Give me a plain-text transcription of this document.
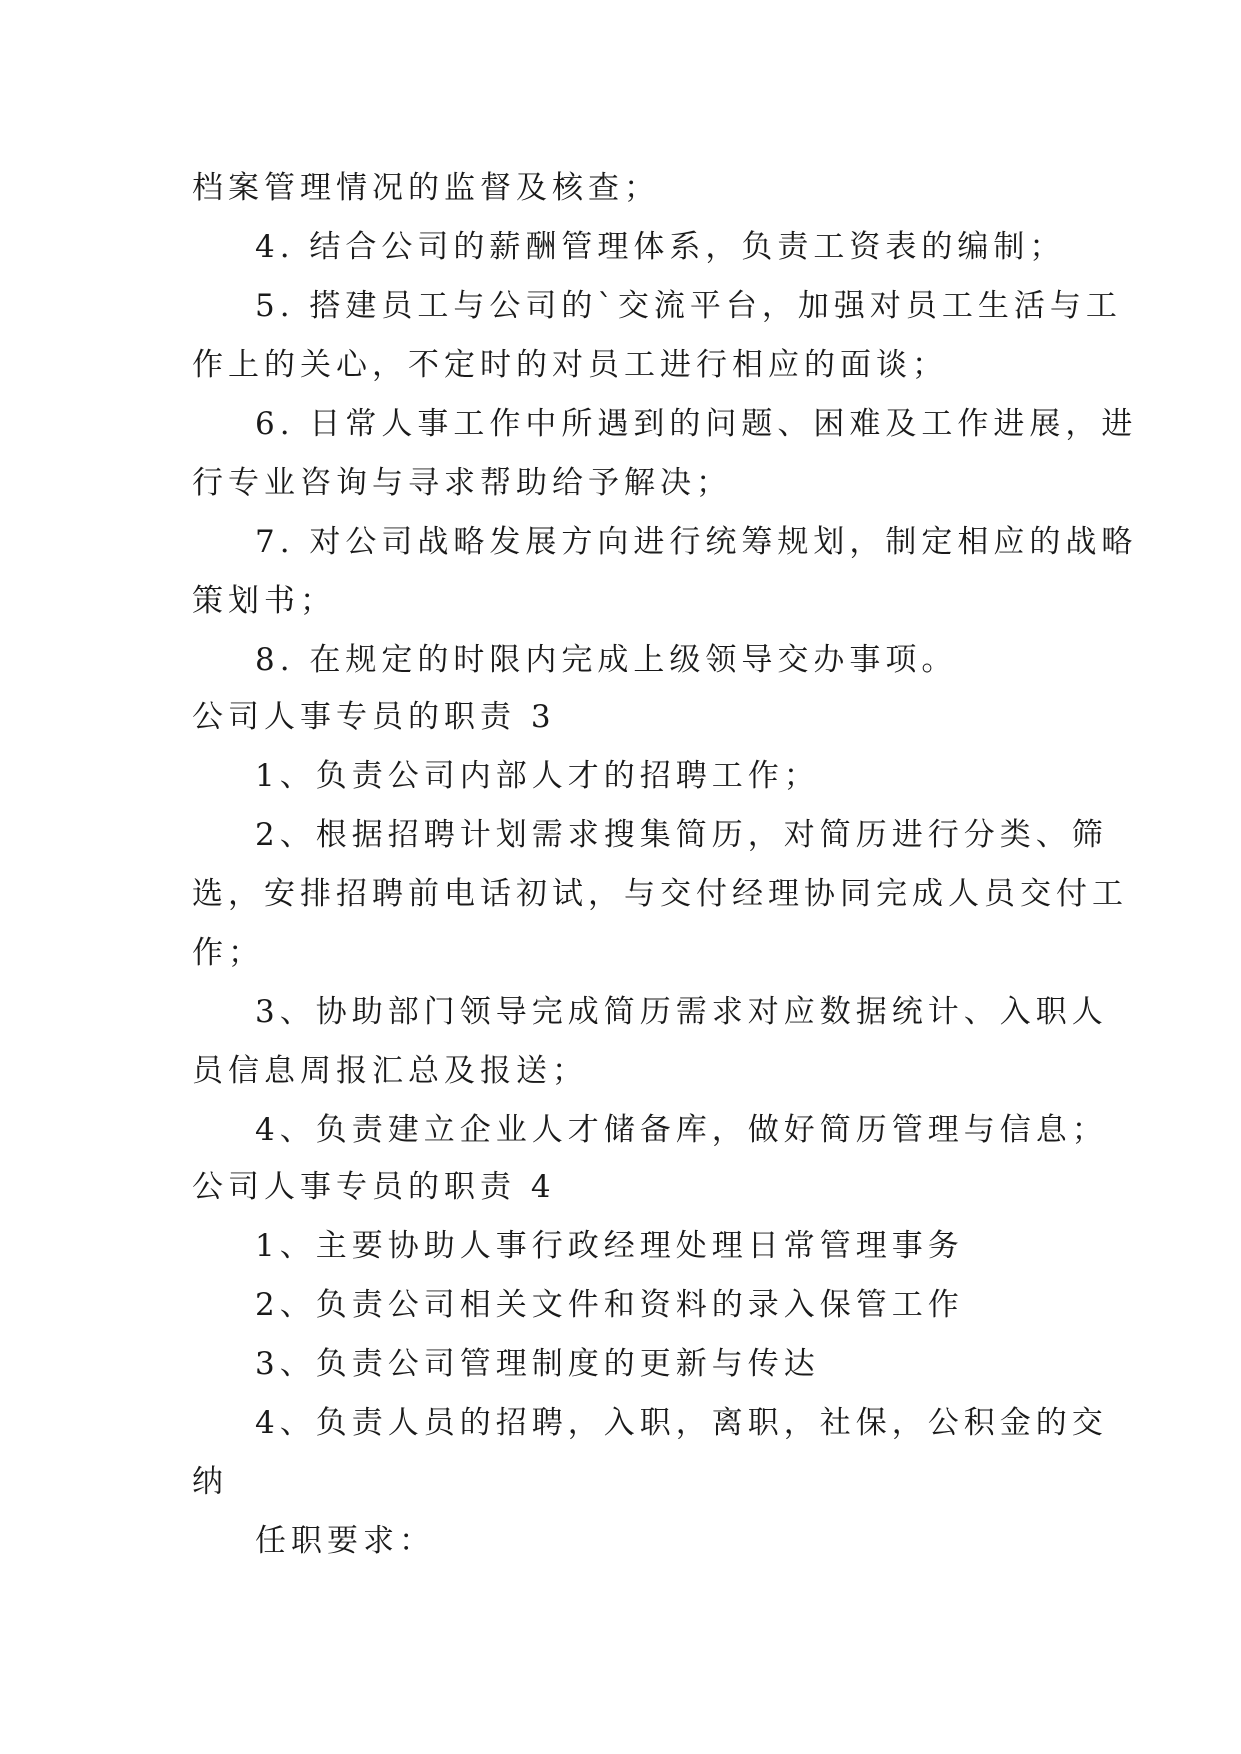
档案管理情况的监督及核查；
4. 结合公司的薪酬管理体系，负责工资表的编制；
5. 搭建员工与公司的`交流平台，加强对员工生活与工
作上的关心，不定时的对员工进行相应的面谈；
6. 日常人事工作中所遇到的问题、困难及工作进展，进
行专业咨询与寻求帮助给予解决；
7. 对公司战略发展方向进行统筹规划，制定相应的战略
策划书；
8. 在规定的时限内完成上级领导交办事项。
公司人事专员的职责 3
1、负责公司内部人才的招聘工作；
2、根据招聘计划需求搜集简历，对简历进行分类、筛
选，安排招聘前电话初试，与交付经理协同完成人员交付工
作；
3、协助部门领导完成简历需求对应数据统计、入职人
员信息周报汇总及报送；
4、负责建立企业人才储备库，做好简历管理与信息；
公司人事专员的职责 4
1、主要协助人事行政经理处理日常管理事务
2、负责公司相关文件和资料的录入保管工作
3、负责公司管理制度的更新与传达
4、负责人员的招聘，入职，离职，社保，公积金的交
纳
任职要求：
